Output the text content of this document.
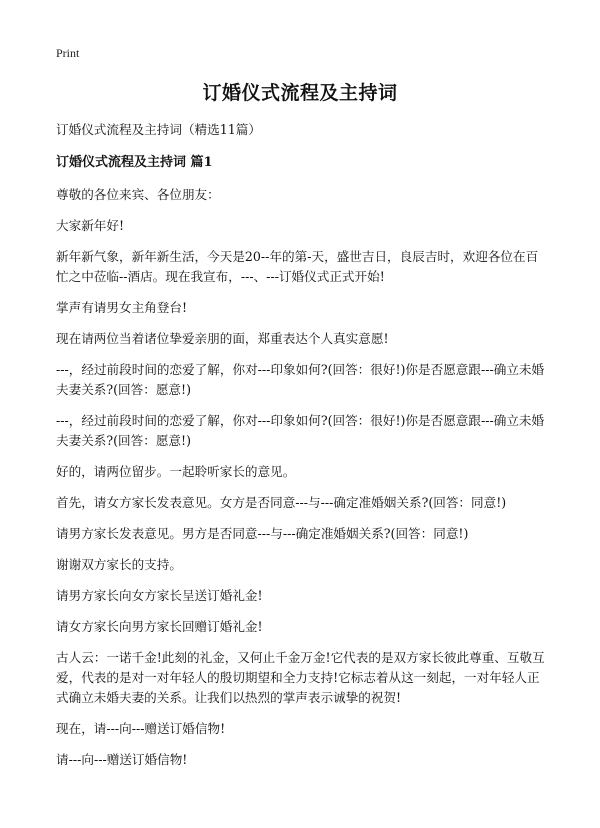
Print
订婚仪式流程及主持词
订婚仪式流程及主持词（精选11篇）
订婚仪式流程及主持词 篇1
尊敬的各位来宾、各位朋友：
大家新年好!
新年新气象，新年新生活，今天是20--年的第-天，盛世吉日，良辰吉时，欢迎各位在百忙之中莅临--酒店。现在我宣布，---、---订婚仪式正式开始!
掌声有请男女主角登台!
现在请两位当着诸位挚爱亲朋的面，郑重表达个人真实意愿!
---，经过前段时间的恋爱了解，你对---印象如何?(回答：很好!)你是否愿意跟---确立未婚夫妻关系?(回答：愿意!)
---，经过前段时间的恋爱了解，你对---印象如何?(回答：很好!)你是否愿意跟---确立未婚夫妻关系?(回答：愿意!)
好的，请两位留步。一起聆听家长的意见。
首先，请女方家长发表意见。女方是否同意---与---确定准婚姻关系?(回答：同意!)
请男方家长发表意见。男方是否同意---与---确定准婚姻关系?(回答：同意!)
谢谢双方家长的支持。
请男方家长向女方家长呈送订婚礼金!
请女方家长向男方家长回赠订婚礼金!
古人云：一诺千金!此刻的礼金，又何止千金万金!它代表的是双方家长彼此尊重、互敬互爱，代表的是对一对年轻人的殷切期望和全力支持!它标志着从这一刻起，一对年轻人正式确立未婚夫妻的关系。让我们以热烈的掌声表示诚挚的祝贺!
现在，请---向---赠送订婚信物!
请---向---赠送订婚信物!
